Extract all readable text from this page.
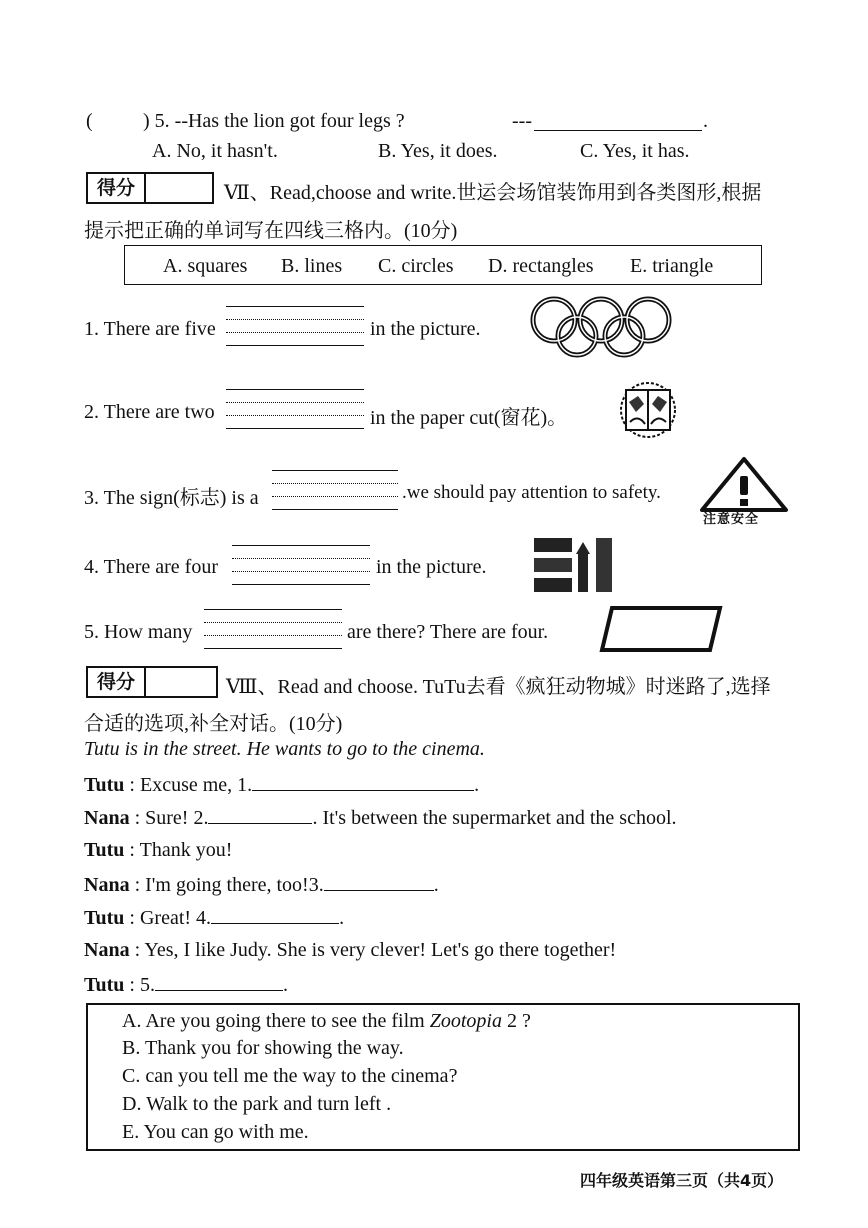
(	) 5. --Has the lion got four legs ?	---	.
A. No, it hasn't.	B. Yes, it does.	C. Yes, it has.
得分	Ⅶ、Read,choose and write.世运会场馆装饰用到各类图形,根据
提示把正确的单词写在四线三格内。(10分)
A. squares B. lines C. circles D. rectangles E. triangle
1. There are five	in the picture.
2. There are two	in the paper cut(窗花)。
3. The sign(标志) is a	.we should pay attention to safety.
注意安全
4. There are four	in the picture.
5. How many	are there? There are four.
得分	Ⅷ、Read and choose. TuTu去看《疯狂动物城》时迷路了,选择
合适的选项,补全对话。(10分)
Tutu is in the street. He wants to go to the cinema.
Tutu : Excuse me, 1.	.
Nana : Sure! 2.	. It's between the supermarket and the school.
Tutu : Thank you!
Nana : I'm going there, too!3.	.
Tutu : Great! 4.	.
Nana : Yes, I like Judy. She is very clever! Let's go there together!
Tutu : 5.	.
A. Are you going there to see the film Zootopia 2 ?
B. Thank you for showing the way.
C. can you tell me the way to the cinema?
D. Walk to the park and turn left .
E. You can go with me.
四年级英语第三页（共4页）
